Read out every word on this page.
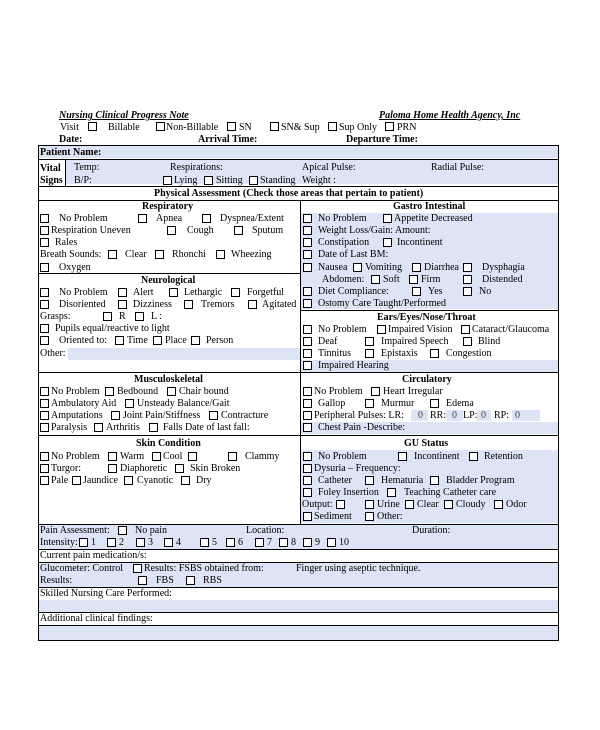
Nursing Clinical Progress Note	Paloma Home Health Agency, Inc
Visit	Billable	Non-Billable SN	SN& Sup Sup Only PRN
Date:	Arrival Time:	Departure Time:
Patient Name:
Vital
Signs
Temp:	Respirations:	Apical Pulse:	Radial Pulse:
B/P:	Lying Sitting Standing Weight :
Physical Assessment (Check those areas that pertain to patient)
Respiratory
No Problem	Apnea	Dyspnea/Extent
Respiration Uneven	Cough	Sputum
Rales
Breath Sounds: Clear	Rhonchi	Wheezing
Oxygen
Gastro Intestinal
No Problem	Appetite Decreased
Weight Loss/Gain: Amount:
Constipation	Incontinent
Date of Last BM:
Nausea Vomiting Diarrhea Dysphagia
Abdomen: Soft Firm	Distended
Diet Compliance:	Yes	No
Ostomy Care Taught/Performed
Neurological
No Problem	Alert	Lethargic Forgetful
Disoriented	Dizziness	Tremors	Agitated
Grasps:	R	L :
Pupils equal/reactive to light
Oriented to: Time Place Person
Other:
Ears/Eyes/Nose/Throat
No Problem Impaired Vision Cataract/Glaucoma
Deaf	Impaired Speech	Blind
Tinnitus	Epistaxis	Congestion
Impaired Hearing
Musculoskeletal
No Problem Bedbound Chair bound
Ambulatory Aid Unsteady Balance/Gait
Amputations Joint Pain/Stiffness Contracture
Paralysis Arthritis Falls Date of last fall:
Circulatory
No Problem Heart Irregular
Gallop	Murmur	Edema
Peripheral Pulses: LR: 0 RR: 0 LP: 0 RP: 0
Chest Pain -Describe:
Skin Condition
No Problem Warm Cool	Clammy
Turgor:	Diaphoretic Skin Broken
Pale Jaundice Cyanotic Dry
GU Status
No Problem	Incontinent Retention
Dysuria – Frequency:
Catheter	Hematuria Bladder Program
Foley Insertion	Teaching Catheter care
Output:	Urine Clear Cloudy Odor
Sediment	Other:
Pain Assessment:	No pain	Location:	Duration:
Intensity: 1 2 3 4	5 6 7 8 9 10
Current pain medication/s:
Glucometer: Control Results: FSBS obtained from:	Finger using aseptic technique.
Results:	FBS	RBS
Skilled Nursing Care Performed:
Additional clinical findings:
